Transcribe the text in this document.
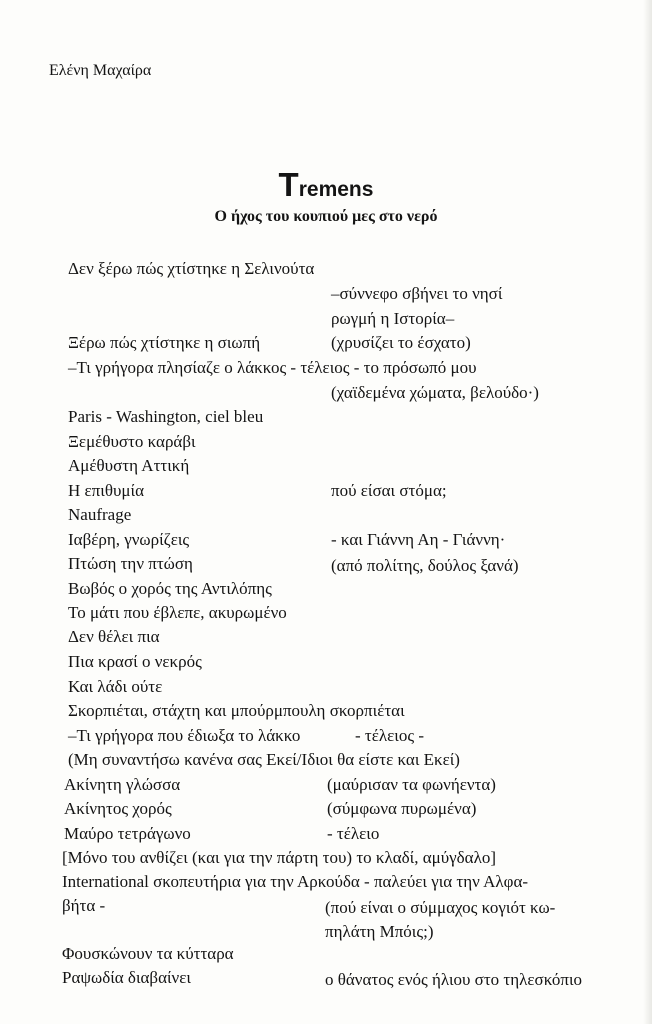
Ελένη Μαχαίρα
Tremens
Ο ήχος του κουπιού μες στο νερό
Δεν ξέρω πώς χτίστηκε η Σελινούτα
–σύννεφο σβήνει το νησί
ρωγμή η Ιστορία–
Ξέρω πώς χτίστηκε η σιωπή	(χρυσίζει το έσχατο)
–Τι γρήγορα πλησίαζε ο λάκκος - τέλειος - το πρόσωπό μου
(χαϊδεμένα χώματα, βελούδο·)
Paris - Washington, ciel bleu
Ξεμέθυστο καράβι
Αμέθυστη Αττική
Η επιθυμία	πού είσαι στόμα;
Naufrage
Ιαβέρη, γνωρίζεις	- και Γιάννη Αη - Γιάννη·
Πτώση την πτώση	(από πολίτης, δούλος ξανά)
Βωβός ο χορός της Αντιλόπης
Το μάτι που έβλεπε, ακυρωμένο
Δεν θέλει πια
Πια κρασί ο νεκρός
Και λάδι ούτε
Σκορπιέται, στάχτη και μπούρμπουλη σκορπιέται
–Τι γρήγορα που έδιωξα το λάκκο	- τέλειος -
(Μη συναντήσω κανένα σας Εκεί/Ιδιοι θα είστε και Εκεί)
Ακίνητη γλώσσα	(μαύρισαν τα φωνήεντα)
Ακίνητος χορός	(σύμφωνα πυρωμένα)
Μαύρο τετράγωνο	- τέλειο
[Μόνο του ανθίζει (και για την πάρτη του) το κλαδί, αμύγδαλο]
International σκοπευτήρια για την Αρκούδα - παλεύει για την Αλφα-
βήτα -	(πού είναι ο σύμμαχος κογιότ κω-
πηλάτη Μπόις;)
Φουσκώνουν τα κύτταρα
Ραψωδία διαβαίνει	ο θάνατος ενός ήλιου στο τηλεσκόπιο
